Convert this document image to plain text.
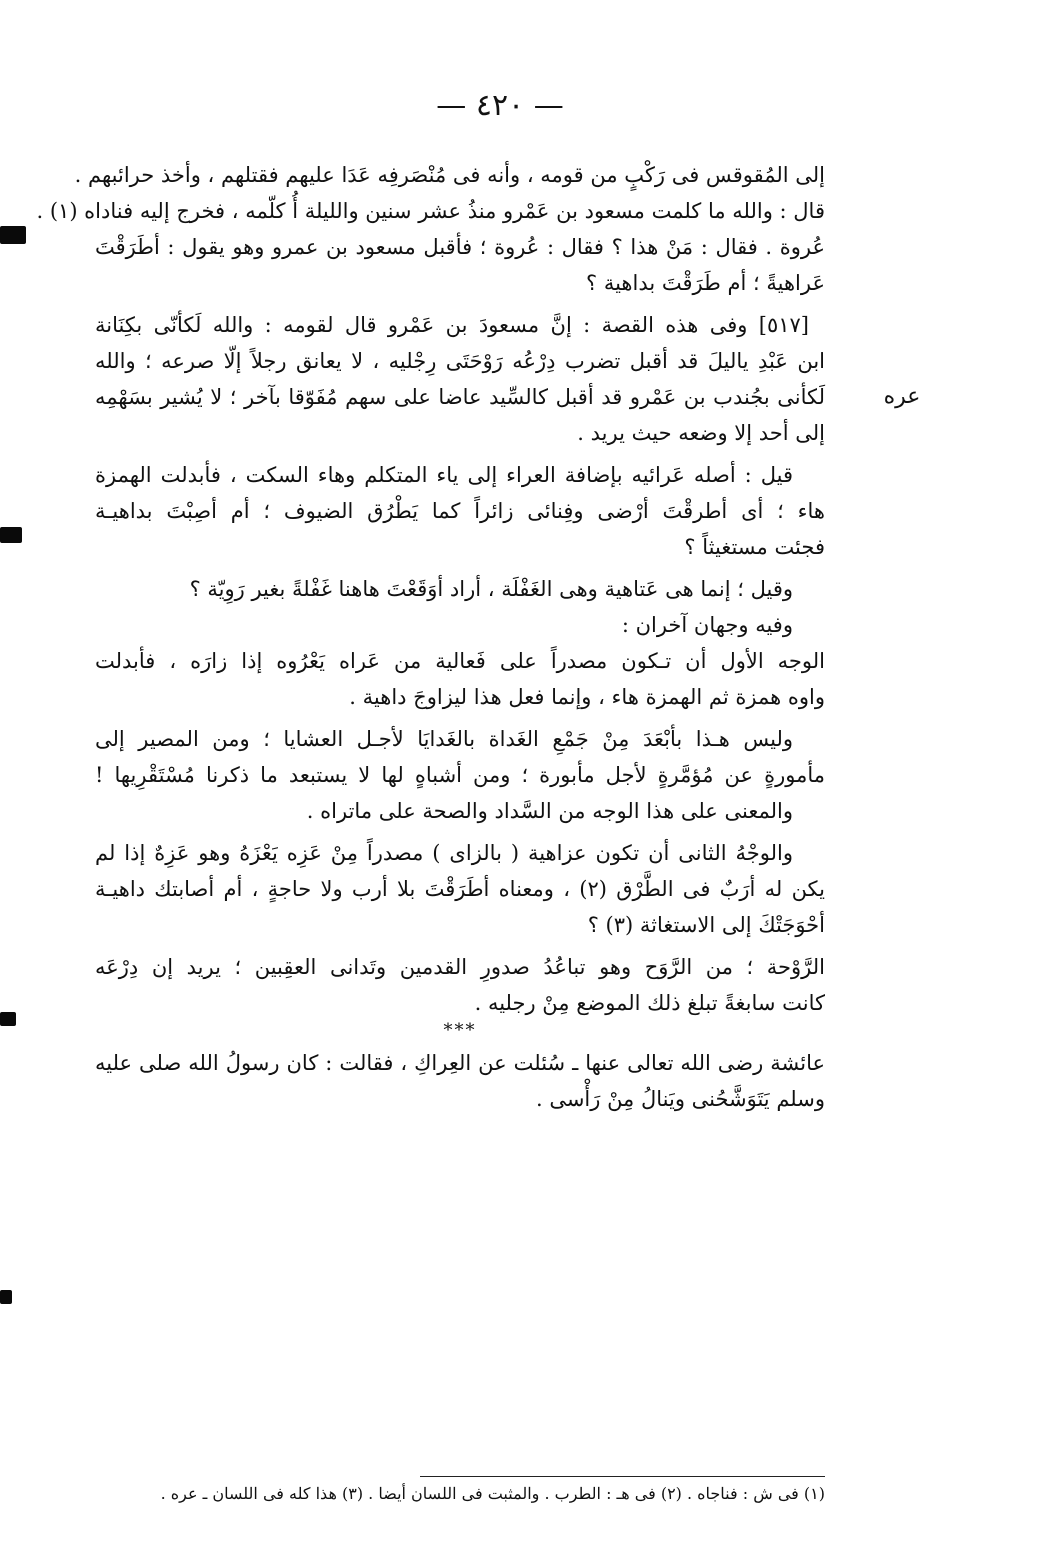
— ٤٢٠ —
عره
إلى المُقوقس فى رَكْبٍ من قومه ، وأنه فى مُنْصَرفِه عَدَا عليهم فقتلهم ، وأخذ حرائبهم .
قال : والله ما كلمت مسعود بن عَمْرو منذُ عشر سنين والليلة أُ كلّمه ، فخرج إليه فناداه (١) .
عُروة . فقال : مَنْ هذا ؟ فقال : عُروة ؛ فأقبل مسعود بن عمرو وهو يقول : أطَرَقْتَ
عَراهيةً ؛ أم طَرَقْتَ بداهية ؟
[٥١٧] وفى هذه القصة : إنَّ مسعودَ بن عَمْرو قال لقومه : والله لَكأنّى بكِنَانة
ابن عَبْدِ ياليلَ قد أقبل تضرب دِرْعُه رَوْحَتَى رِجْليه ، لا يعانق رجلاً إلّا صرعه ؛ والله
لَكأنى بجُندب بن عَمْرو قد أقبل كالسِّيد عاضا على سهم مُفَوّقا بآخر ؛ لا يُشير بسَهْمِه
إلى أحد إلا وضعه حيث يريد .
قيل : أصله عَرائيه بإضافة العراء إلى ياء المتكلم وهاء السكت ، فأبدلت الهمزة
هاء ؛ أى أطرقْتَ أرْضى وفِنائى زائراً كما يَطْرُق الضيوف ؛ أم أصِبْتَ بداهيـة
فجئت مستغيثاً ؟
وقيل ؛ إنما هى عَتاهية وهى الغَفْلَة ، أراد أوَقَعْتَ هاهنا غَفْلةً بغير رَوِيّة ؟
وفيه وجهان آخران :
الوجه الأول أن تـكون مصدراً على فَعالية من عَراه يَعْرُوه إذا زارَه ، فأبدلت
واوه همزة ثم الهمزة هاء ، وإنما فعل هذا ليزاوجَ داهية .
وليس هـذا بأبْعَدَ مِنْ جَمْعِ الغَداة بالغَدايَا لأجـل العشايا ؛ ومن المصير إلى
مأمورةٍ عن مُؤمَّرةٍ لأجل مأبورة ؛ ومن أشباهٍ لها لا يستبعد ما ذكرنا مُسْتَقْرِيها !
والمعنى على هذا الوجه من السَّداد والصحة على ماتراه .
والوجْهُ الثانى أن تكون عزاهية ( بالزاى ) مصدراً مِنْ عَزِه يَعْزَهُ وهو عَزِهٌ إذا لم
يكن له أرَبٌ فى الطَّرْق (٢) ، ومعناه أطَرَقْتَ بلا أرب ولا حاجةٍ ، أم أصابتك داهيـة
أحْوَجَتْكَ إلى الاستغاثة (٣) ؟
الرَّوْحة ؛ من الرَّوَح وهو تباعُدُ صدورِ القدمين وتَدانى العقِبين ؛ يريد إن دِرْعَه
كانت سابغةً تبلغ ذلك الموضع مِنْ رجليه .
***
عائشة رضى الله تعالى عنها ـ سُئلت عن العِراكِ ، فقالت : كان رسولُ الله صلى عليه
وسلم يَتَوَشَّحُنى ويَنالُ مِنْ رَأْسى .
(١) فى ش : فناجاه . (٢) فى هـ : الطرب . والمثبت فى اللسان أيضا . (٣) هذا كله فى اللسان ـ عره .
